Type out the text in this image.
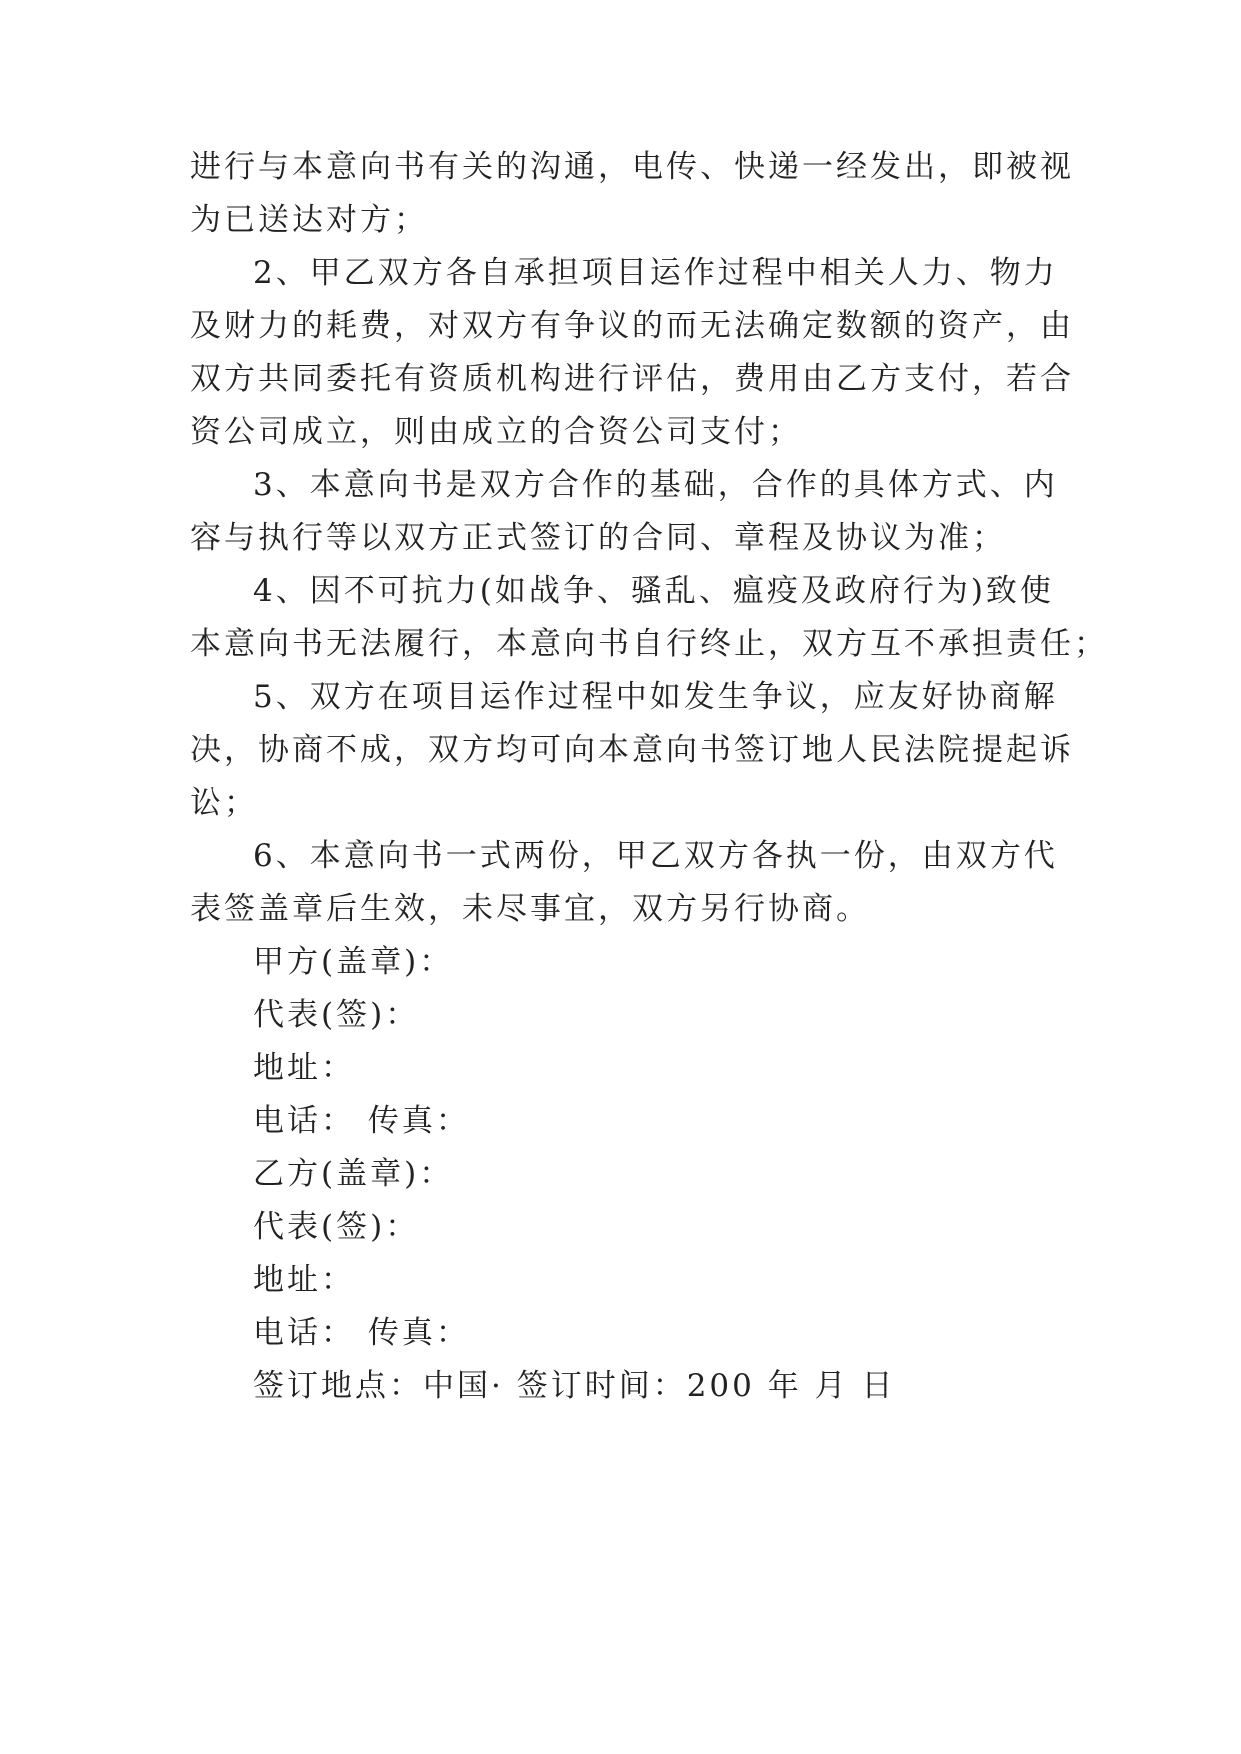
进行与本意向书有关的沟通，电传、快递一经发出，即被视
为已送达对方；
2、甲乙双方各自承担项目运作过程中相关人力、物力
及财力的耗费，对双方有争议的而无法确定数额的资产，由
双方共同委托有资质机构进行评估，费用由乙方支付，若合
资公司成立，则由成立的合资公司支付；
3、本意向书是双方合作的基础，合作的具体方式、内
容与执行等以双方正式签订的合同、章程及协议为准；
4、因不可抗力(如战争、骚乱、瘟疫及政府行为)致使
本意向书无法履行，本意向书自行终止，双方互不承担责任；
5、双方在项目运作过程中如发生争议，应友好协商解
决，协商不成，双方均可向本意向书签订地人民法院提起诉
讼；
6、本意向书一式两份，甲乙双方各执一份，由双方代
表签盖章后生效，未尽事宜，双方另行协商。
甲方(盖章)：
代表(签)：
地址：
电话： 传真：
乙方(盖章)：
代表(签)：
地址：
电话： 传真：
签订地点：中国· 签订时间：200 年 月 日
